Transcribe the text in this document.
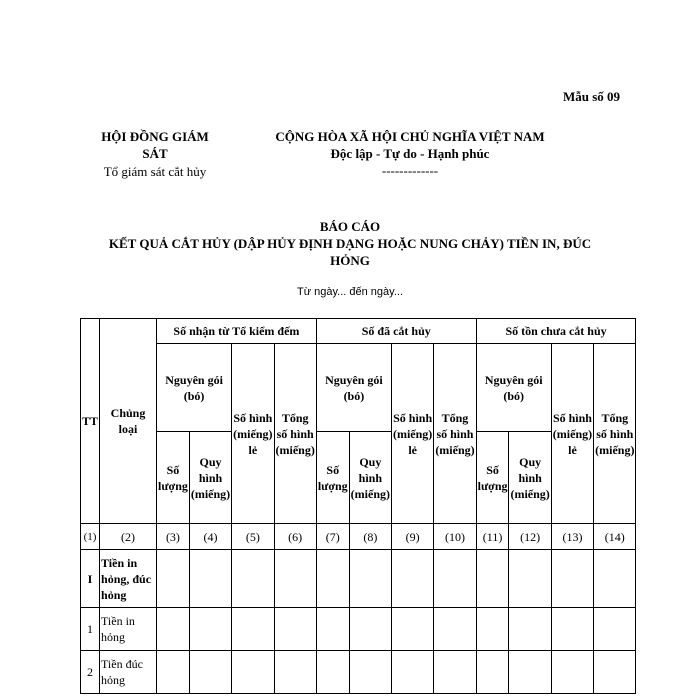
Mẫu số 09
HỘI ĐỒNG GIÁM
SÁT
Tổ giám sát cắt hủy
CỘNG HÒA XÃ HỘI CHỦ NGHĨA VIỆT NAM
Độc lập - Tự do - Hạnh phúc
-------------
BÁO CÁO
KẾT QUẢ CẮT HỦY (DẬP HỦY ĐỊNH DẠNG HOẶC NUNG CHẢY) TIỀN IN, ĐÚC
HỎNG
Từ ngày... đến ngày...
TT	Chủng loại	Số nhận từ Tổ kiểm đếm				Số đã cắt hủy				Số tồn chưa cắt hủy			
		Nguyên gói (bó)		Số hình (miếng) lẻ	Tổng số hình (miếng)	Nguyên gói (bó)		Số hình (miếng) lẻ	Tổng số hình (miếng)	Nguyên gói (bó)		Số hình (miếng) lẻ	Tổng số hình (miếng)
		Số lượng	Quy hình (miếng)			Số lượng	Quy hình (miếng)			Số lượng	Quy hình (miếng)		
(1)	(2)	(3)	(4)	(5)	(6)	(7)	(8)	(9)	(10)	(11)	(12)	(13)	(14)
I	Tiền in hỏng, đúc hỏng												
1	Tiền in hỏng												
2	Tiền đúc hỏng												
